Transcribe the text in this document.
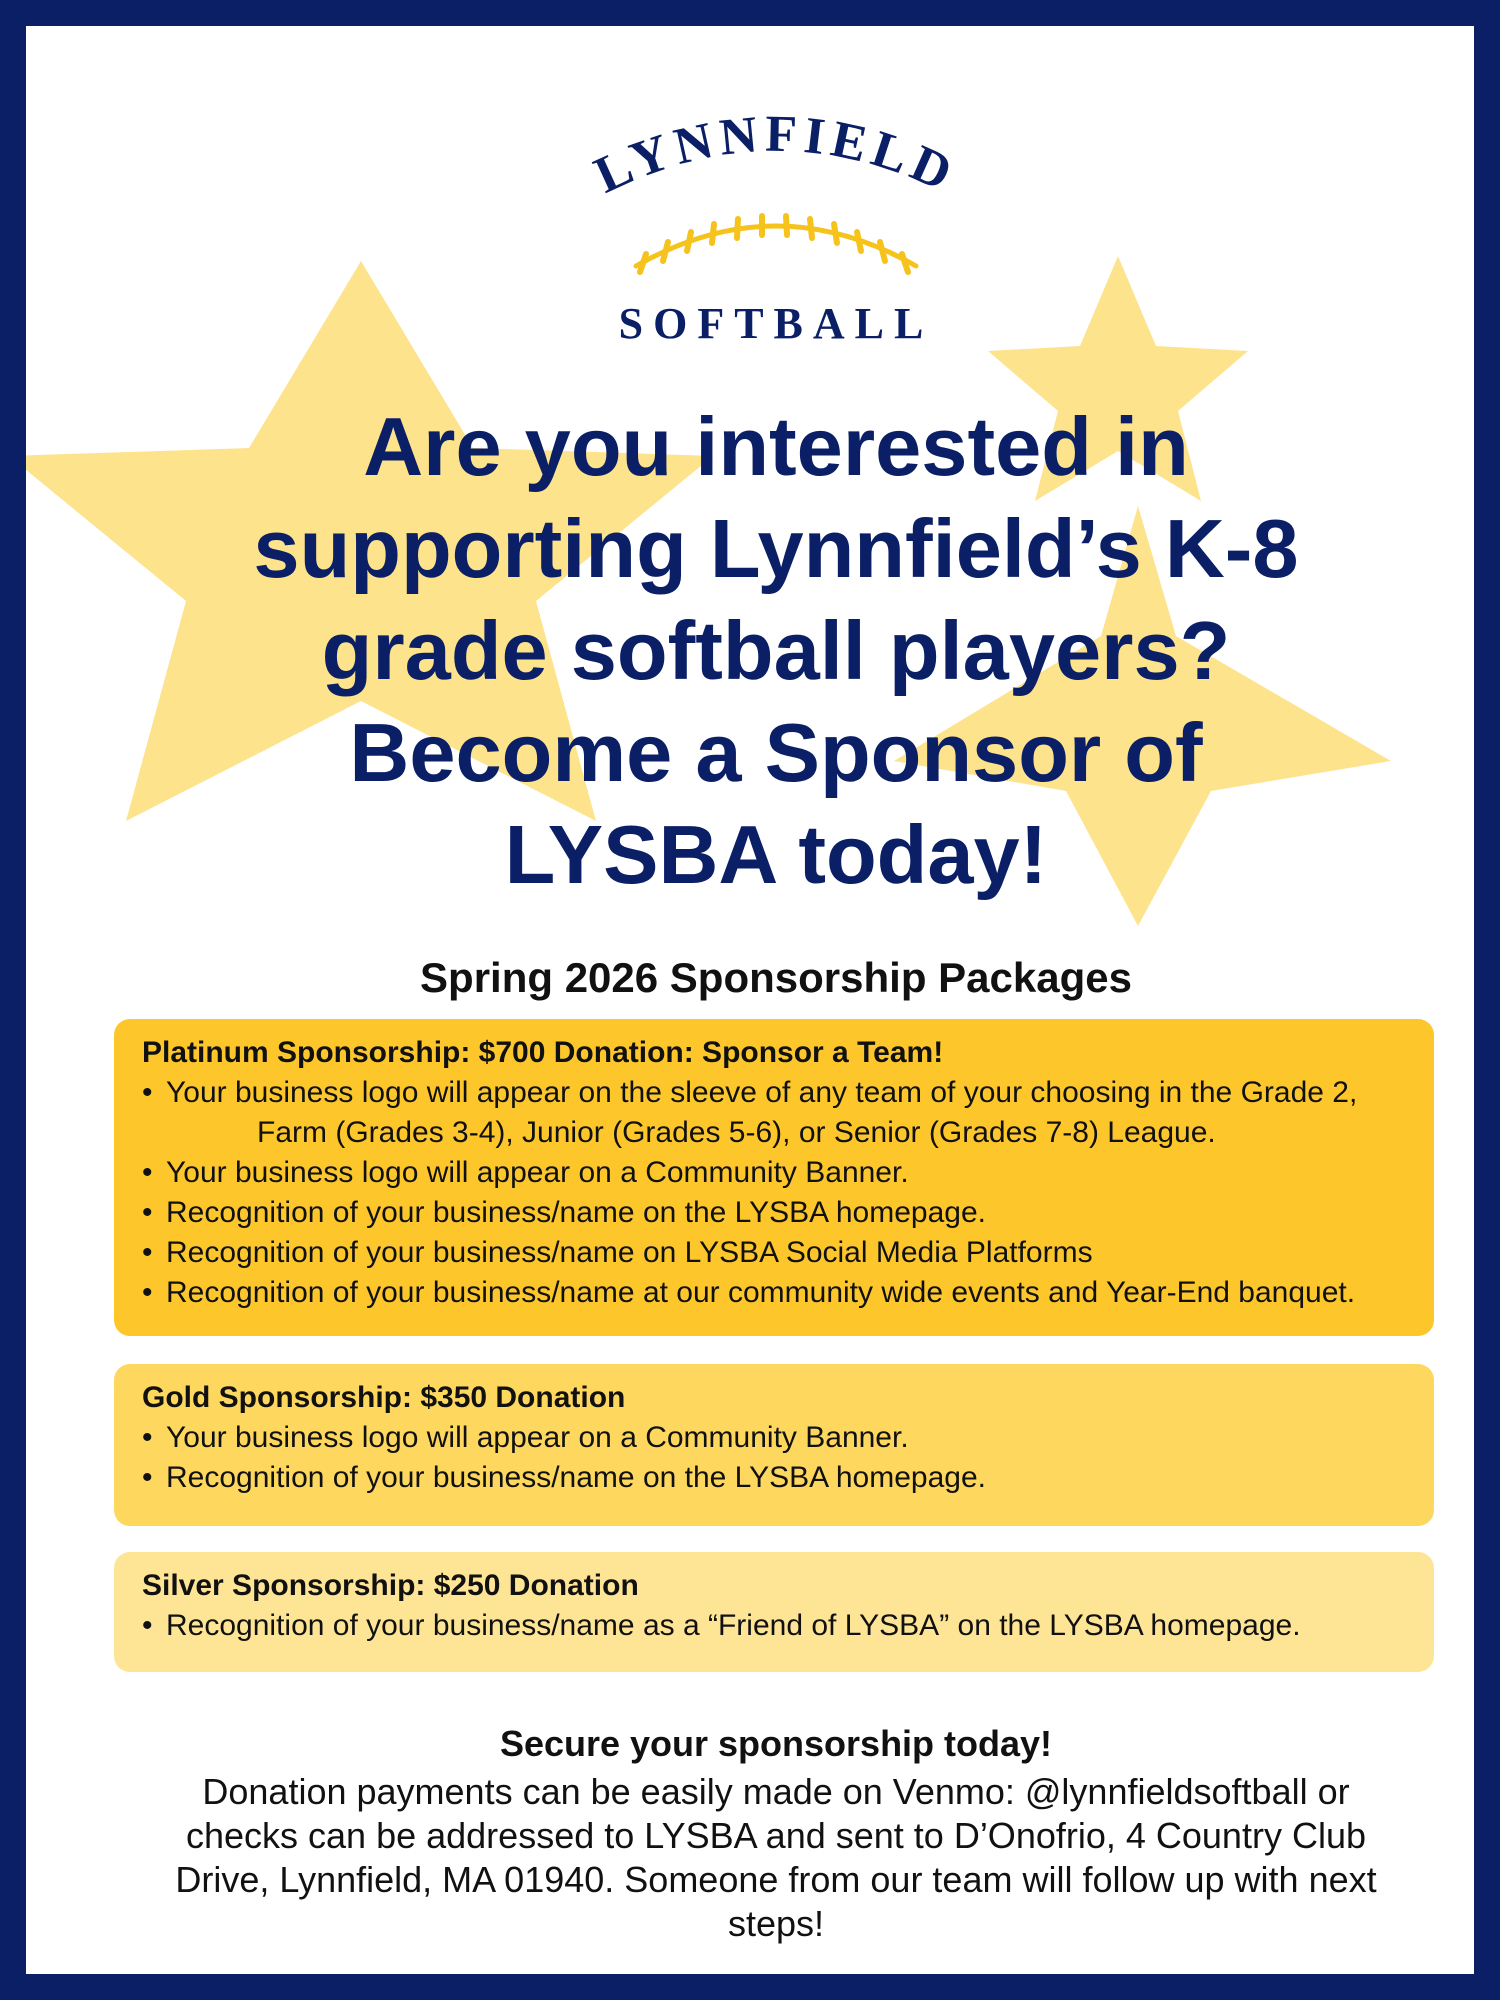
LYNNFIELD
SOFTBALL
Are you interested in
supporting Lynnfield’s K-8
grade softball players?
Become a Sponsor of
LYSBA today!
Spring 2026 Sponsorship Packages
Platinum Sponsorship: $700 Donation: Sponsor a Team!
• Your business logo will appear on the sleeve of any team of your choosing in the Grade 2,
Farm (Grades 3-4), Junior (Grades 5-6), or Senior (Grades 7-8) League.
• Your business logo will appear on a Community Banner.
• Recognition of your business/name on the LYSBA homepage.
• Recognition of your business/name on LYSBA Social Media Platforms
• Recognition of your business/name at our community wide events and Year-End banquet.
Gold Sponsorship: $350 Donation
• Your business logo will appear on a Community Banner.
• Recognition of your business/name on the LYSBA homepage.
Silver Sponsorship: $250 Donation
• Recognition of your business/name as a “Friend of LYSBA” on the LYSBA homepage.
Secure your sponsorship today!
Donation payments can be easily made on Venmo: @lynnfieldsoftball or
checks can be addressed to LYSBA and sent to D’Onofrio, 4 Country Club
Drive, Lynnfield, MA 01940. Someone from our team will follow up with next
steps!
